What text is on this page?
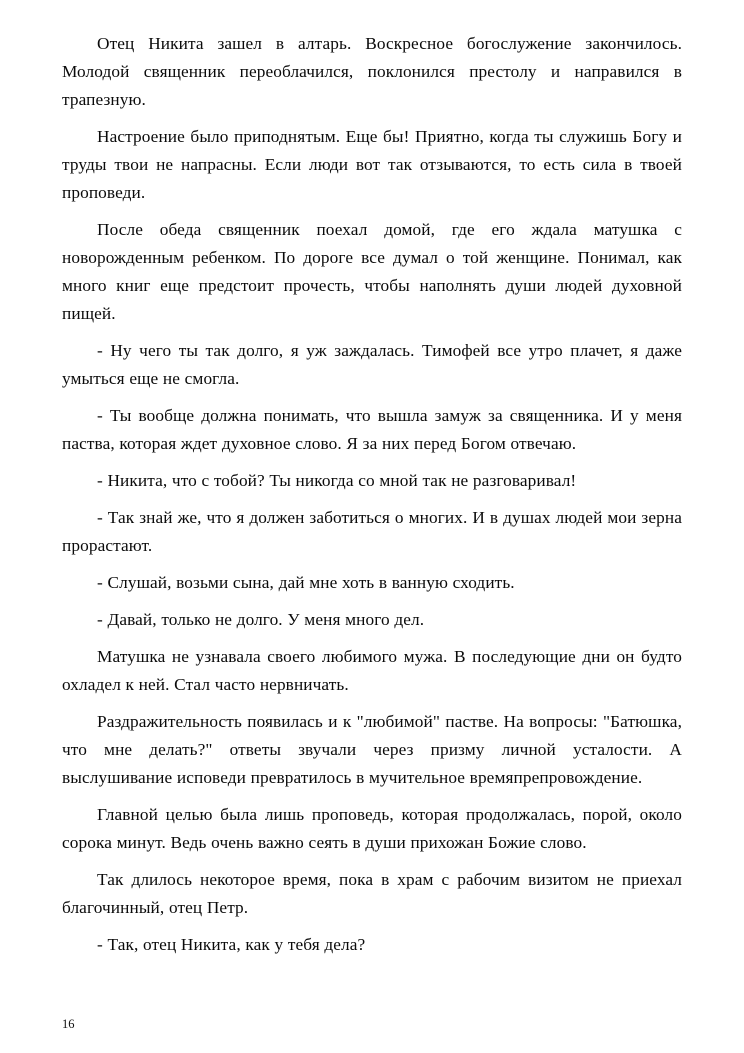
Отец Никита зашел в алтарь. Воскресное богослужение закончилось. Молодой священник переоблачился, поклонился престолу и направился в трапезную.

Настроение было приподнятым. Еще бы! Приятно, когда ты служишь Богу и труды твои не напрасны. Если люди вот так отзываются, то есть сила в твоей проповеди.

После обеда священник поехал домой, где его ждала матушка с новорожденным ребенком. По дороге все думал о той женщине. Понимал, как много книг еще предстоит прочесть, чтобы наполнять души людей духовной пищей.

- Ну чего ты так долго, я уж заждалась. Тимофей все утро плачет, я даже умыться еще не смогла.

- Ты вообще должна понимать, что вышла замуж за священника. И у меня паства, которая ждет духовное слово. Я за них перед Богом отвечаю.

- Никита, что с тобой? Ты никогда со мной так не разговаривал!

- Так знай же, что я должен заботиться о многих. И в душах людей мои зерна прорастают.

- Слушай, возьми сына, дай мне хоть в ванную сходить.

- Давай, только не долго. У меня много дел.

Матушка не узнавала своего любимого мужа. В последующие дни он будто охладел к ней. Стал часто нервничать.

Раздражительность появилась и к "любимой" пастве. На вопросы: "Батюшка, что мне делать?" ответы звучали через призму личной усталости. А выслушивание исповеди превратилось в мучительное времяпрепровождение.

Главной целью была лишь проповедь, которая продолжалась, порой, около сорока минут. Ведь очень важно сеять в души прихожан Божие слово.

Так длилось некоторое время, пока в храм с рабочим визитом не приехал благочинный, отец Петр.

- Так, отец Никита, как у тебя дела?

16
